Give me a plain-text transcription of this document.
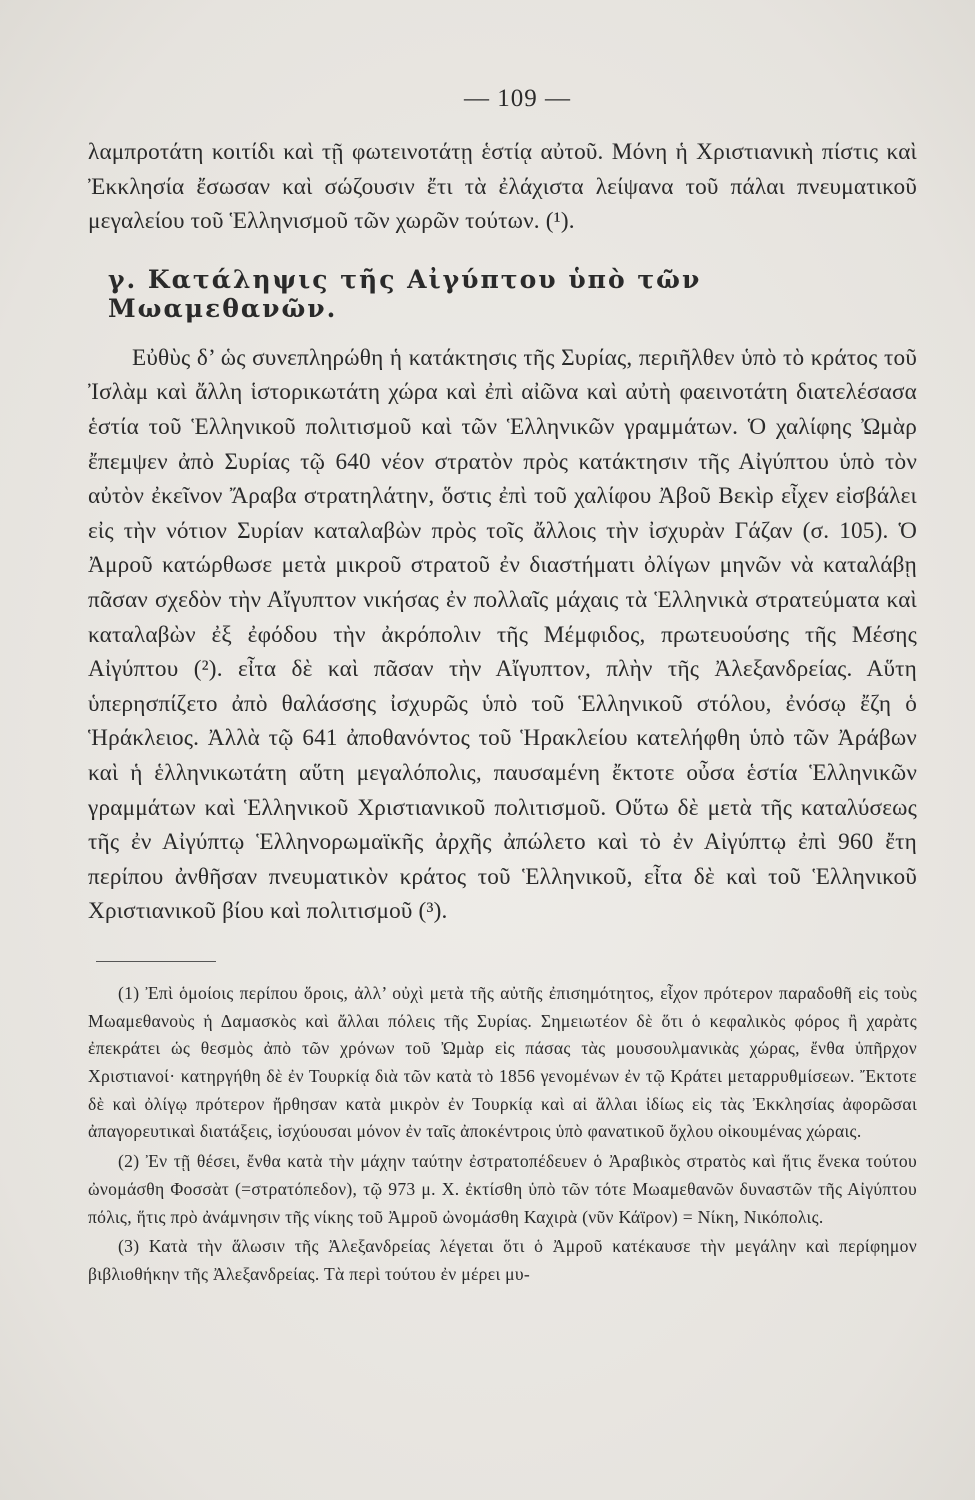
— 109 —

λαμπροτάτη κοιτίδι καὶ τῇ φωτεινοτάτῃ ἑστίᾳ αὐτοῦ. Μόνη ἡ Χριστιανικὴ πίστις καὶ Ἐκκλησία ἔσωσαν καὶ σώζουσιν ἔτι τὰ ἐλάχιστα λείψανα τοῦ πάλαι πνευματικοῦ μεγαλείου τοῦ Ἑλληνισμοῦ τῶν χωρῶν τούτων. (¹).

γ. Κατάληψις τῆς Αἰγύπτου ὑπὸ τῶν Μωαμεθανῶν.

Εὐθὺς δ’ ὡς συνεπληρώθη ἡ κατάκτησις τῆς Συρίας, περιῆλθεν ὑπὸ τὸ κράτος τοῦ Ἰσλὰμ καὶ ἄλλη ἱστορικωτάτη χώρα καὶ ἐπὶ αἰῶνα καὶ αὐτὴ φαεινοτάτη διατελέσασα ἑστία τοῦ Ἑλληνικοῦ πολιτισμοῦ καὶ τῶν Ἑλληνικῶν γραμμάτων. Ὁ χαλίφης Ὠμὰρ ἔπεμψεν ἀπὸ Συρίας τῷ 640 νέον στρατὸν πρὸς κατάκτησιν τῆς Αἰγύπτου ὑπὸ τὸν αὐτὸν ἐκεῖνον Ἄραβα στρατηλάτην, ὅστις ἐπὶ τοῦ χαλίφου Ἀβοῦ Βεκὶρ εἶχεν εἰσβάλει εἰς τὴν νότιον Συρίαν καταλαβὼν πρὸς τοῖς ἄλλοις τὴν ἰσχυρὰν Γάζαν (σ. 105). Ὁ Ἀμροῦ κατώρθωσε μετὰ μικροῦ στρατοῦ ἐν διαστήματι ὀλίγων μηνῶν νὰ καταλάβῃ πᾶσαν σχεδὸν τὴν Αἴγυπτον νικήσας ἐν πολλαῖς μάχαις τὰ Ἑλληνικὰ στρατεύματα καὶ καταλαβὼν ἐξ ἐφόδου τὴν ἀκρόπολιν τῆς Μέμφιδος, πρωτευούσης τῆς Μέσης Αἰγύπτου (²). εἶτα δὲ καὶ πᾶσαν τὴν Αἴγυπτον, πλὴν τῆς Ἀλεξανδρείας. Αὕτη ὑπερησπίζετο ἀπὸ θαλάσσης ἰσχυρῶς ὑπὸ τοῦ Ἑλληνικοῦ στόλου, ἐνόσῳ ἔζη ὁ Ἡράκλειος. Ἀλλὰ τῷ 641 ἀποθανόντος τοῦ Ἡρακλείου κατελήφθη ὑπὸ τῶν Ἀράβων καὶ ἡ ἑλληνικωτάτη αὕτη μεγαλόπολις, παυσαμένη ἔκτοτε οὖσα ἑστία Ἑλληνικῶν γραμμάτων καὶ Ἑλληνικοῦ Χριστιανικοῦ πολιτισμοῦ. Οὕτω δὲ μετὰ τῆς καταλύσεως τῆς ἐν Αἰγύπτῳ Ἑλληνορωμαϊκῆς ἀρχῆς ἀπώλετο καὶ τὸ ἐν Αἰγύπτῳ ἐπὶ 960 ἔτη περίπου ἀνθῆσαν πνευματικὸν κράτος τοῦ Ἑλληνικοῦ, εἶτα δὲ καὶ τοῦ Ἑλληνικοῦ Χριστιανικοῦ βίου καὶ πολιτισμοῦ (³).

(1) Ἐπὶ ὁμοίοις περίπου ὅροις, ἀλλ’ οὐχὶ μετὰ τῆς αὐτῆς ἐπισημότητος, εἶχον πρότερον παραδοθῆ εἰς τοὺς Μωαμεθανοὺς ἡ Δαμασκὸς καὶ ἄλλαι πόλεις τῆς Συρίας. Σημειωτέον δὲ ὅτι ὁ κεφαλικὸς φόρος ἢ χαρὰτς ἐπεκράτει ὡς θεσμὸς ἀπὸ τῶν χρόνων τοῦ Ὠμὰρ εἰς πάσας τὰς μουσουλμανικὰς χώρας, ἔνθα ὑπῆρχον Χριστιανοί· κατηργήθη δὲ ἐν Τουρκίᾳ διὰ τῶν κατὰ τὸ 1856 γενομένων ἐν τῷ Κράτει μεταρρυθμίσεων. Ἔκτοτε δὲ καὶ ὀλίγῳ πρότερον ἤρθησαν κατὰ μικρὸν ἐν Τουρκίᾳ καὶ αἱ ἄλλαι ἰδίως εἰς τὰς Ἐκκλησίας ἀφορῶσαι ἀπαγορευτικαὶ διατάξεις, ἰσχύουσαι μόνον ἐν ταῖς ἀποκέντροις ὑπὸ φανατικοῦ ὄχλου οἰκουμένας χώραις.

(2) Ἐν τῇ θέσει, ἔνθα κατὰ τὴν μάχην ταύτην ἐστρατοπέδευεν ὁ Ἀραβικὸς στρατὸς καὶ ἥτις ἕνεκα τούτου ὠνομάσθη Φοσσὰτ (=στρατόπεδον), τῷ 973 μ. Χ. ἐκτίσθη ὑπὸ τῶν τότε Μωαμεθανῶν δυναστῶν τῆς Αἰγύπτου πόλις, ἥτις πρὸ ἀνάμνησιν τῆς νίκης τοῦ Ἀμροῦ ὠνομάσθη Καχιρὰ (νῦν Κάϊρον) = Νίκη, Νικόπολις.

(3) Κατὰ τὴν ἅλωσιν τῆς Ἀλεξανδρείας λέγεται ὅτι ὁ Ἀμροῦ κατέκαυσε τὴν μεγάλην καὶ περίφημον βιβλιοθήκην τῆς Ἀλεξανδρείας. Τὰ περὶ τούτου ἐν μέρει μυ-
